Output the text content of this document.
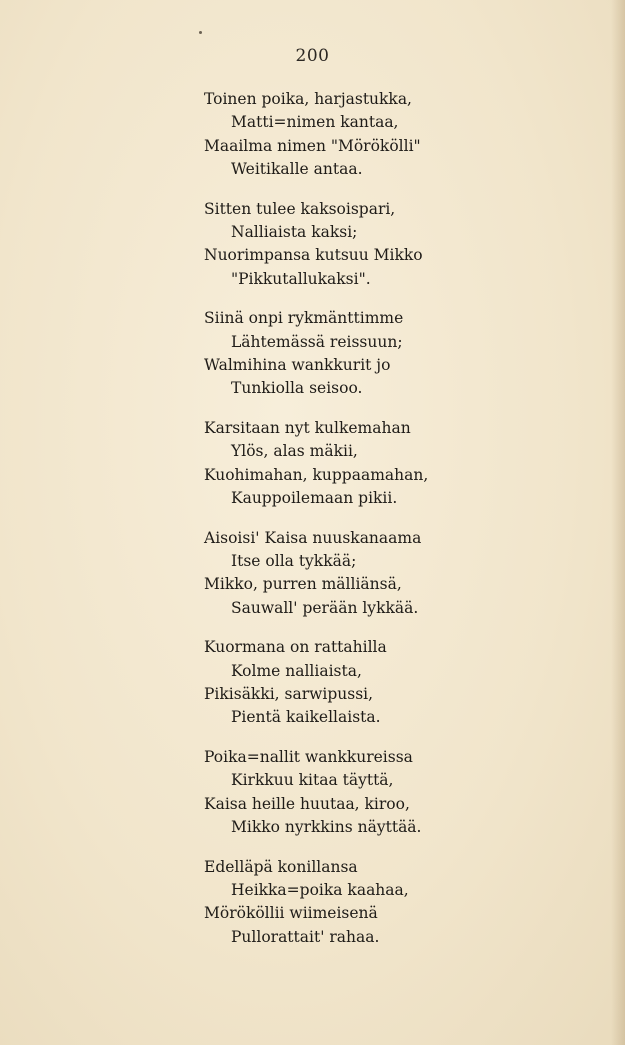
200
Toinen poika, harjastukka,
Matti=nimen kantaa,
Maailma nimen "Mörökölli"
Weitikalle antaa.
Sitten tulee kaksoispari,
Nalliaista kaksi;
Nuorimpansa kutsuu Mikko
"Pikkutallukaksi".
Siinä onpi rykmänttimme
Lähtemässä reissuun;
Walmihina wankkurit jo
Tunkiolla seisoo.
Karsitaan nyt kulkemahan
Ylös, alas mäkii,
Kuohimahan, kuppaamahan,
Kauppoilemaan pikii.
Aisoisi' Kaisa nuuskanaama
Itse olla tykkää;
Mikko, purren mälliänsä,
Sauwall' perään lykkää.
Kuormana on rattahilla
Kolme nalliaista,
Pikisäkki, sarwipussi,
Pientä kaikellaista.
Poika=nallit wankkureissa
Kirkkuu kitaa täyttä,
Kaisa heille huutaa, kiroo,
Mikko nyrkkins näyttää.
Edelläpä konillansa
Heikka=poika kaahaa,
Mörököllii wiimeisenä
Pullorattait' rahaa.
